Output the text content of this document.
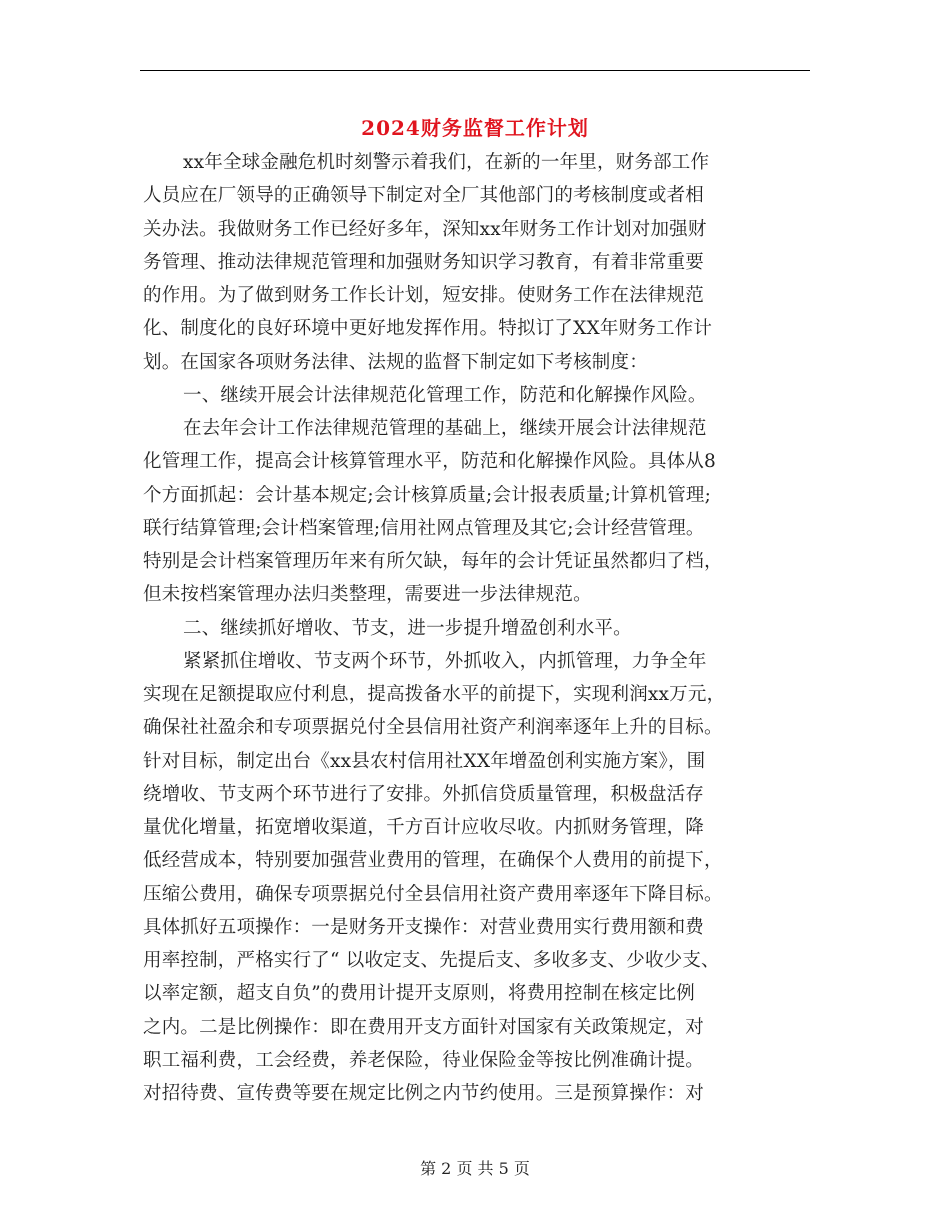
2024财务监督工作计划
xx年全球金融危机时刻警示着我们，在新的一年里，财务部工作
人员应在厂领导的正确领导下制定对全厂其他部门的考核制度或者相
关办法。我做财务工作已经好多年，深知xx年财务工作计划对加强财
务管理、推动法律规范管理和加强财务知识学习教育，有着非常重要
的作用。为了做到财务工作长计划，短安排。使财务工作在法律规范
化、制度化的良好环境中更好地发挥作用。特拟订了XX年财务工作计
划。在国家各项财务法律、法规的监督下制定如下考核制度：
一、继续开展会计法律规范化管理工作，防范和化解操作风险。
在去年会计工作法律规范管理的基础上，继续开展会计法律规范
化管理工作，提高会计核算管理水平，防范和化解操作风险。具体从8
个方面抓起：会计基本规定;会计核算质量;会计报表质量;计算机管理;
联行结算管理;会计档案管理;信用社网点管理及其它;会计经营管理。
特别是会计档案管理历年来有所欠缺，每年的会计凭证虽然都归了档，
但未按档案管理办法归类整理，需要进一步法律规范。
二、继续抓好增收、节支，进一步提升增盈创利水平。
紧紧抓住增收、节支两个环节，外抓收入，内抓管理，力争全年
实现在足额提取应付利息，提高拨备水平的前提下，实现利润xx万元，
确保社社盈余和专项票据兑付全县信用社资产利润率逐年上升的目标。
针对目标，制定出台《xx县农村信用社XX年增盈创利实施方案》，围
绕增收、节支两个环节进行了安排。外抓信贷质量管理，积极盘活存
量优化增量，拓宽增收渠道，千方百计应收尽收。内抓财务管理，降
低经营成本，特别要加强营业费用的管理，在确保个人费用的前提下，
压缩公费用，确保专项票据兑付全县信用社资产费用率逐年下降目标。
具体抓好五项操作：一是财务开支操作：对营业费用实行费用额和费
用率控制，严格实行了“ 以收定支、先提后支、多收多支、少收少支、
以率定额，超支自负”的费用计提开支原则，将费用控制在核定比例
之内。二是比例操作：即在费用开支方面针对国家有关政策规定，对
职工福利费，工会经费，养老保险，待业保险金等按比例准确计提。
对招待费、宣传费等要在规定比例之内节约使用。三是预算操作：对
第 2 页 共 5 页
